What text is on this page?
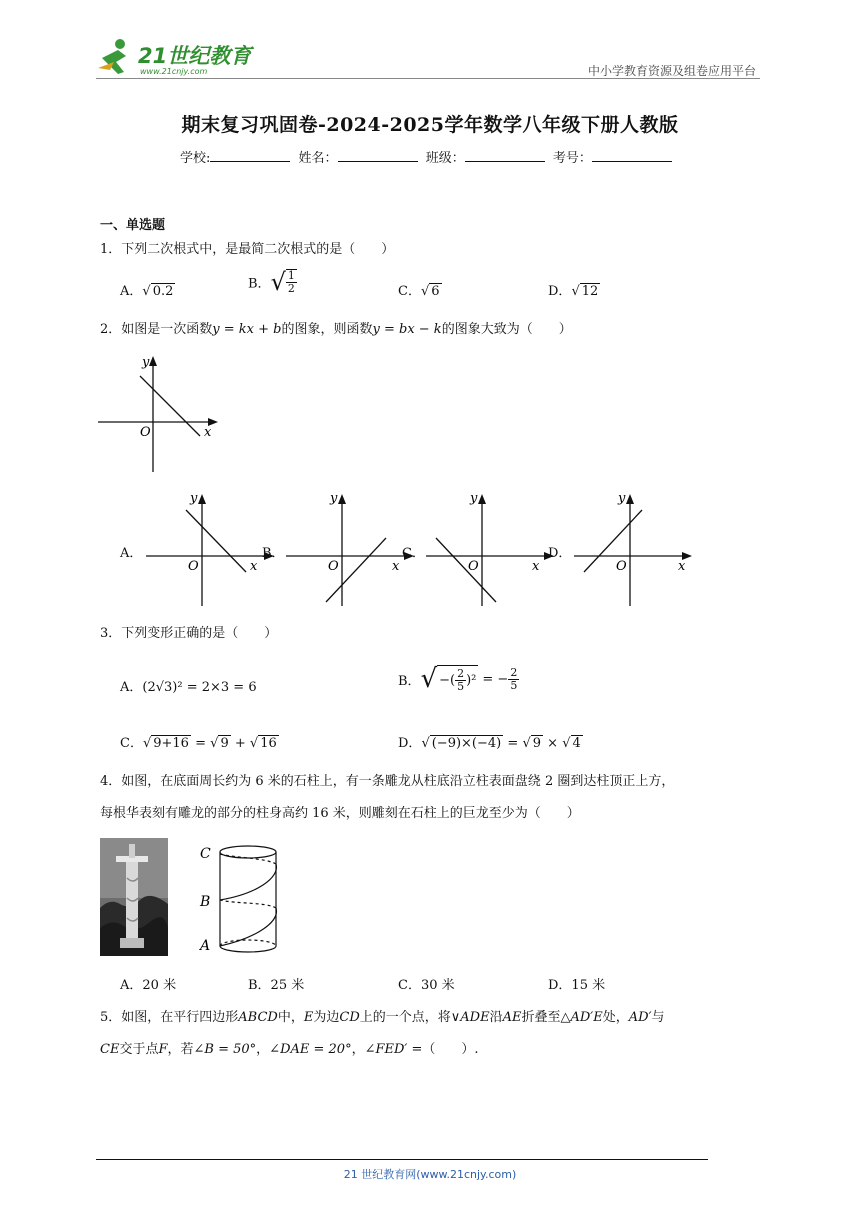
21世纪教育
www.21cnjy.com	中小学教育资源及组卷应用平台
期末复习巩固卷-2024-2025学年数学八年级下册人教版
学校:	姓名：	班级：	考号：
一、单选题
1．下列二次根式中，是最简二次根式的是（　　）
A．√ 0.2	B．√ $\frac{1}{2}$	C．√ 6	D．√ 12
2．如图是一次函数y = kx + b的图象，则函数y = bx − k的图象大致为（　　）
y
x
O
A．
y
x
O
B．
y
x
O
C．
y
x
O
D．
y
x
O
3．下列变形正确的是（　　）
A．(2√3)² = 2×3 = 6	B． √ −( $\frac{2}{5} )^2$ = − $\frac{2}{5}$
C．√ 9+16 = √ 9 + √ 16	D．√ (−9)×(−4) = √ 9 × √ 4
4．如图，在底面周长约为 6 米的石柱上，有一条雕龙从柱底沿立柱表面盘绕 2 圈到达柱顶正上方，
每根华表刻有雕龙的部分的柱身高约 16 米，则雕刻在石柱上的巨龙至少为（　　）
C
B
A
A．20 米	B．25 米	C．30 米	D．15 米
5．如图，在平行四边形ABCD中，E为边CD上的一个点，将∨ADE沿AE折叠至△AD′E处，AD′与
CE交于点F，若∠B = 50°，∠DAE = 20°，∠FED′ =（　　）.
21 世纪教育网(www.21cnjy.com)
